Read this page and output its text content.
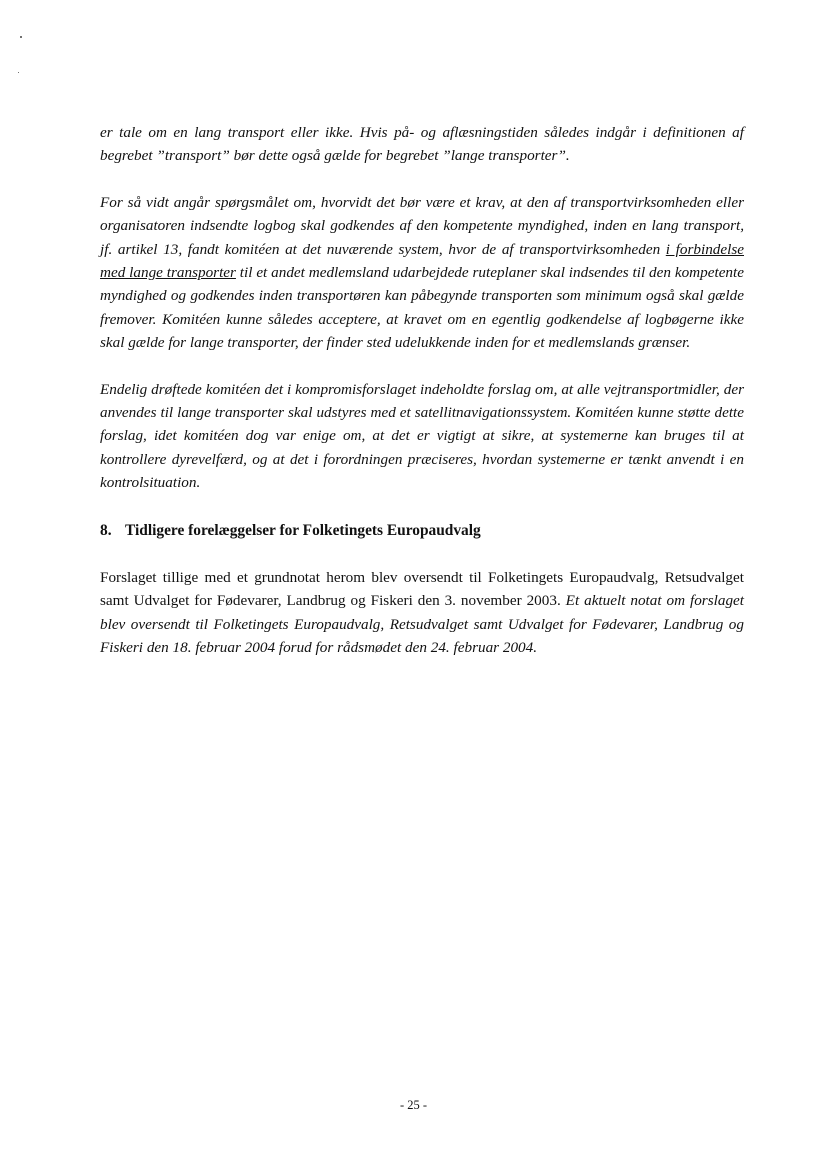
er tale om en lang transport eller ikke. Hvis på- og aflæsningstiden således indgår i definitionen af begrebet ”transport” bør dette også gælde for begrebet ”lange transporter”.

For så vidt angår spørgsmålet om, hvorvidt det bør være et krav, at den af transportvirksomheden eller organisatoren indsendte logbog skal godkendes af den kompetente myndighed, inden en lang transport, jf. artikel 13, fandt komitéen at det nuværende system, hvor de af transportvirksomheden i forbindelse med lange transporter til et andet medlemsland udarbejdede ruteplaner skal indsendes til den kompetente myndighed og godkendes inden transportøren kan påbegynde transporten som minimum også skal gælde fremover. Komitéen kunne således acceptere, at kravet om en egentlig godkendelse af logbøgerne ikke skal gælde for lange transporter, der finder sted udelukkende inden for et medlemslands grænser.

Endelig drøftede komitéen det i kompromisforslaget indeholdte forslag om, at alle vejtransportmidler, der anvendes til lange transporter skal udstyres med et satellitnavigationssystem. Komitéen kunne støtte dette forslag, idet komitéen dog var enige om, at det er vigtigt at sikre, at systemerne kan bruges til at kontrollere dyrevelfærd, og at det i forordningen præciseres, hvordan systemerne er tænkt anvendt i en kontrolsituation.

8. Tidligere forelæggelser for Folketingets Europaudvalg

Forslaget tillige med et grundnotat herom blev oversendt til Folketingets Europaudvalg, Retsudvalget samt Udvalget for Fødevarer, Landbrug og Fiskeri den 3. november 2003. Et aktuelt notat om forslaget blev oversendt til Folketingets Europaudvalg, Retsudvalget samt Udvalget for Fødevarer, Landbrug og Fiskeri den 18. februar 2004 forud for rådsmødet den 24. februar 2004.

- 25 -
